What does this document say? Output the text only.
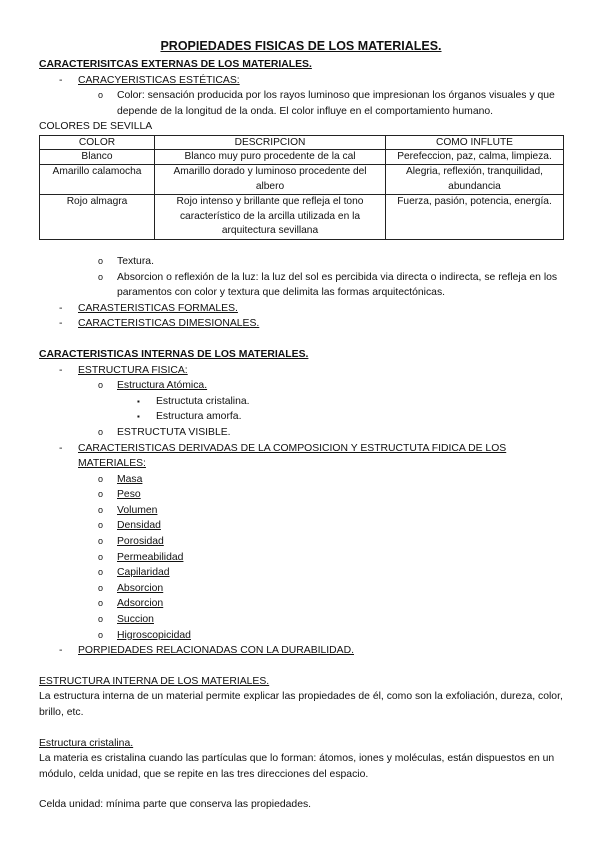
PROPIEDADES FISICAS DE LOS MATERIALES.
CARACTERISITCAS EXTERNAS DE LOS MATERIALES.
- CARACYERISTICAS ESTÉTICAS:
o Color: sensación producida por los rayos luminoso que impresionan los órganos visuales y que depende de la longitud de la onda. El color influye en el comportamiento humano.
COLORES DE SEVILLA
COLOR	DESCRIPCION	COMO INFLUTE
Blanco	Blanco muy puro procedente de la cal	Perefeccion, paz, calma, limpieza.
Amarillo calamocha	Amarillo dorado y luminoso procedente del albero	Alegria, reflexión, tranquilidad, abundancia
Rojo almagra	Rojo intenso y brillante que refleja el tono característico de la arcilla utilizada en la arquitectura sevillana	Fuerza, pasión, potencia, energía.
o Textura.
o Absorcion o reflexión de la luz: la luz del sol es percibida via directa o indirecta, se refleja en los paramentos con color y textura que delimita las formas arquitectónicas.
- CARASTERISTICAS FORMALES.
- CARACTERISTICAS DIMESIONALES.
CARACTERISTICAS INTERNAS DE LOS MATERIALES.
- ESTRUCTURA FISICA:
o Estructura Atómica.
▪ Estructuta cristalina.
▪ Estructura amorfa.
o ESTRUCTUTA VISIBLE.
- CARACTERISTICAS DERIVADAS DE LA COMPOSICION Y ESTRUCTUTA FIDICA DE LOS MATERIALES:
o Masa
o Peso
o Volumen
o Densidad
o Porosidad
o Permeabilidad
o Capilaridad
o Absorcion
o Adsorcion
o Succion
o Higroscopicidad
- PORPIEDADES RELACIONADAS CON LA DURABILIDAD.
ESTRUCTURA INTERNA DE LOS MATERIALES.
La estructura interna de un material permite explicar las propiedades de él, como son la exfoliación, dureza, color, brillo, etc.
Estructura cristalina.
La materia es cristalina cuando las partículas que lo forman: átomos, iones y moléculas, están dispuestos en un módulo, celda unidad, que se repite en las tres direcciones del espacio.
Celda unidad: mínima parte que conserva las propiedades.
